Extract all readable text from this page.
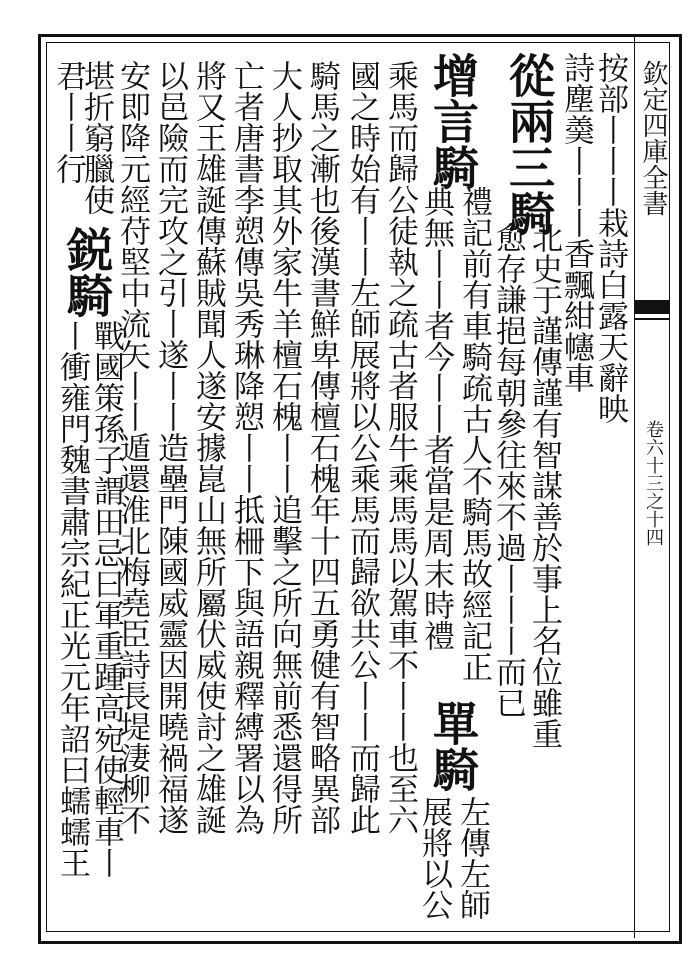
欽定四庫全書
卷六十三之十四
按部丨丨丨栽詩白露天辭映
詩塵羮丨丨丨香飄紺幰車
從兩三騎
北史于謹傳謹有智謀善於事上名位雖重
愈存謙挹每朝參往來不過丨丨丨而已
增言騎
禮記前有車騎疏古人不騎馬故經記正
典無丨丨者今丨丨者當是周末時禮
單騎
左傳左師
乘馬而歸公徒執之疏古者服牛乘馬馬以駕車不丨丨也至六
展將以公
國之時始有丨丨左師展將以公乘馬而歸欲共公丨丨而歸此
騎馬之漸也後漢書鮮卑傳檀石槐年十四五勇健有智略異部
大人抄取其外家牛羊檀石槐丨丨追擊之所向無前悉還得所
亡者唐書李愬傳吳秀琳降愬丨丨抵柵下與語親釋縛署以為
將又王雄誕傳蘇賊聞人遂安據崑山無所屬伏威使討之雄誕
以邑險而完攻之引丨遂丨丨造壘門陳國威靈因開曉禍福遂
安即降元經苻堅中流矢丨丨遁還淮北梅堯臣詩長堤淒柳不
堪折窮臘使
鋭騎
戰國策孫子謂田忌曰軍重踵高宛使輕車丨
君丨丨行
丨衝雍門魏書肅宗紀正光元年詔曰蠕蠕王
